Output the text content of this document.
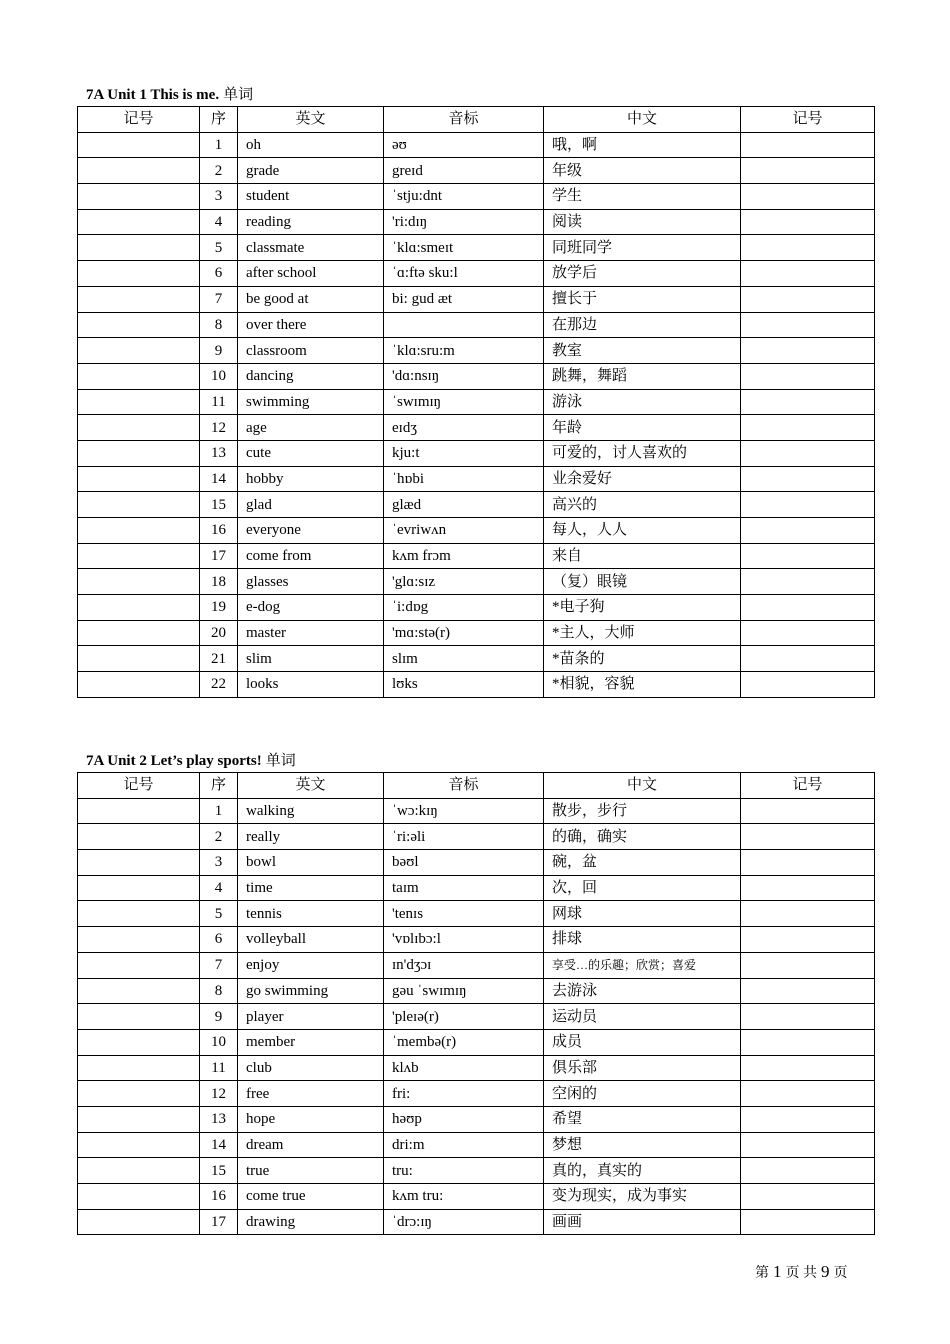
7A Unit 1 This is me. 单词
记号	序	英文	音标	中文	记号
	1	oh	əʊ	哦，啊	
	2	grade	greɪd	年级	
	3	student	ˈstju:dnt	学生	
	4	reading	'ri:dɪŋ	阅读	
	5	classmate	ˈklɑ:smeɪt	同班同学	
	6	after school	ˈɑ:ftə sku:l	放学后	
	7	be good at	bi: gud æt	擅长于	
	8	over there		在那边	
	9	classroom	ˈklɑ:sru:m	教室	
	10	dancing	'dɑ:nsɪŋ	跳舞，舞蹈	
	11	swimming	ˈswɪmɪŋ	游泳	
	12	age	eɪdʒ	年龄	
	13	cute	kju:t	可爱的，讨人喜欢的	
	14	hobby	ˈhɒbi	业余爱好	
	15	glad	glæd	高兴的	
	16	everyone	ˈevriwʌn	每人，人人	
	17	come from	kʌm frɔm	来自	
	18	glasses	'glɑ:sɪz	（复）眼镜	
	19	e-dog	ˈi:dɒg	*电子狗	
	20	master	'mɑ:stə(r)	*主人，大师	
	21	slim	slɪm	*苗条的	
	22	looks	lʊks	*相貌，容貌	
7A Unit 2 Let’s play sports! 单词
记号	序	英文	音标	中文	记号
	1	walking	ˈwɔ:kɪŋ	散步，步行	
	2	really	ˈri:əli	的确，确实	
	3	bowl	bəʊl	碗，盆	
	4	time	taɪm	次，回	
	5	tennis	'tenɪs	网球	
	6	volleyball	'vɒlɪbɔ:l	排球	
	7	enjoy	ɪn'dʒɔɪ	享受…的乐趣；欣赏；喜爱	
	8	go swimming	gəu ˈswɪmɪŋ	去游泳	
	9	player	'pleɪə(r)	运动员	
	10	member	ˈmembə(r)	成员	
	11	club	klʌb	俱乐部	
	12	free	fri:	空闲的	
	13	hope	həʊp	希望	
	14	dream	dri:m	梦想	
	15	true	tru:	真的，真实的	
	16	come true	kʌm tru:	变为现实，成为事实	
	17	drawing	ˈdrɔ:ɪŋ	画画	
第 1 页 共 9 页
